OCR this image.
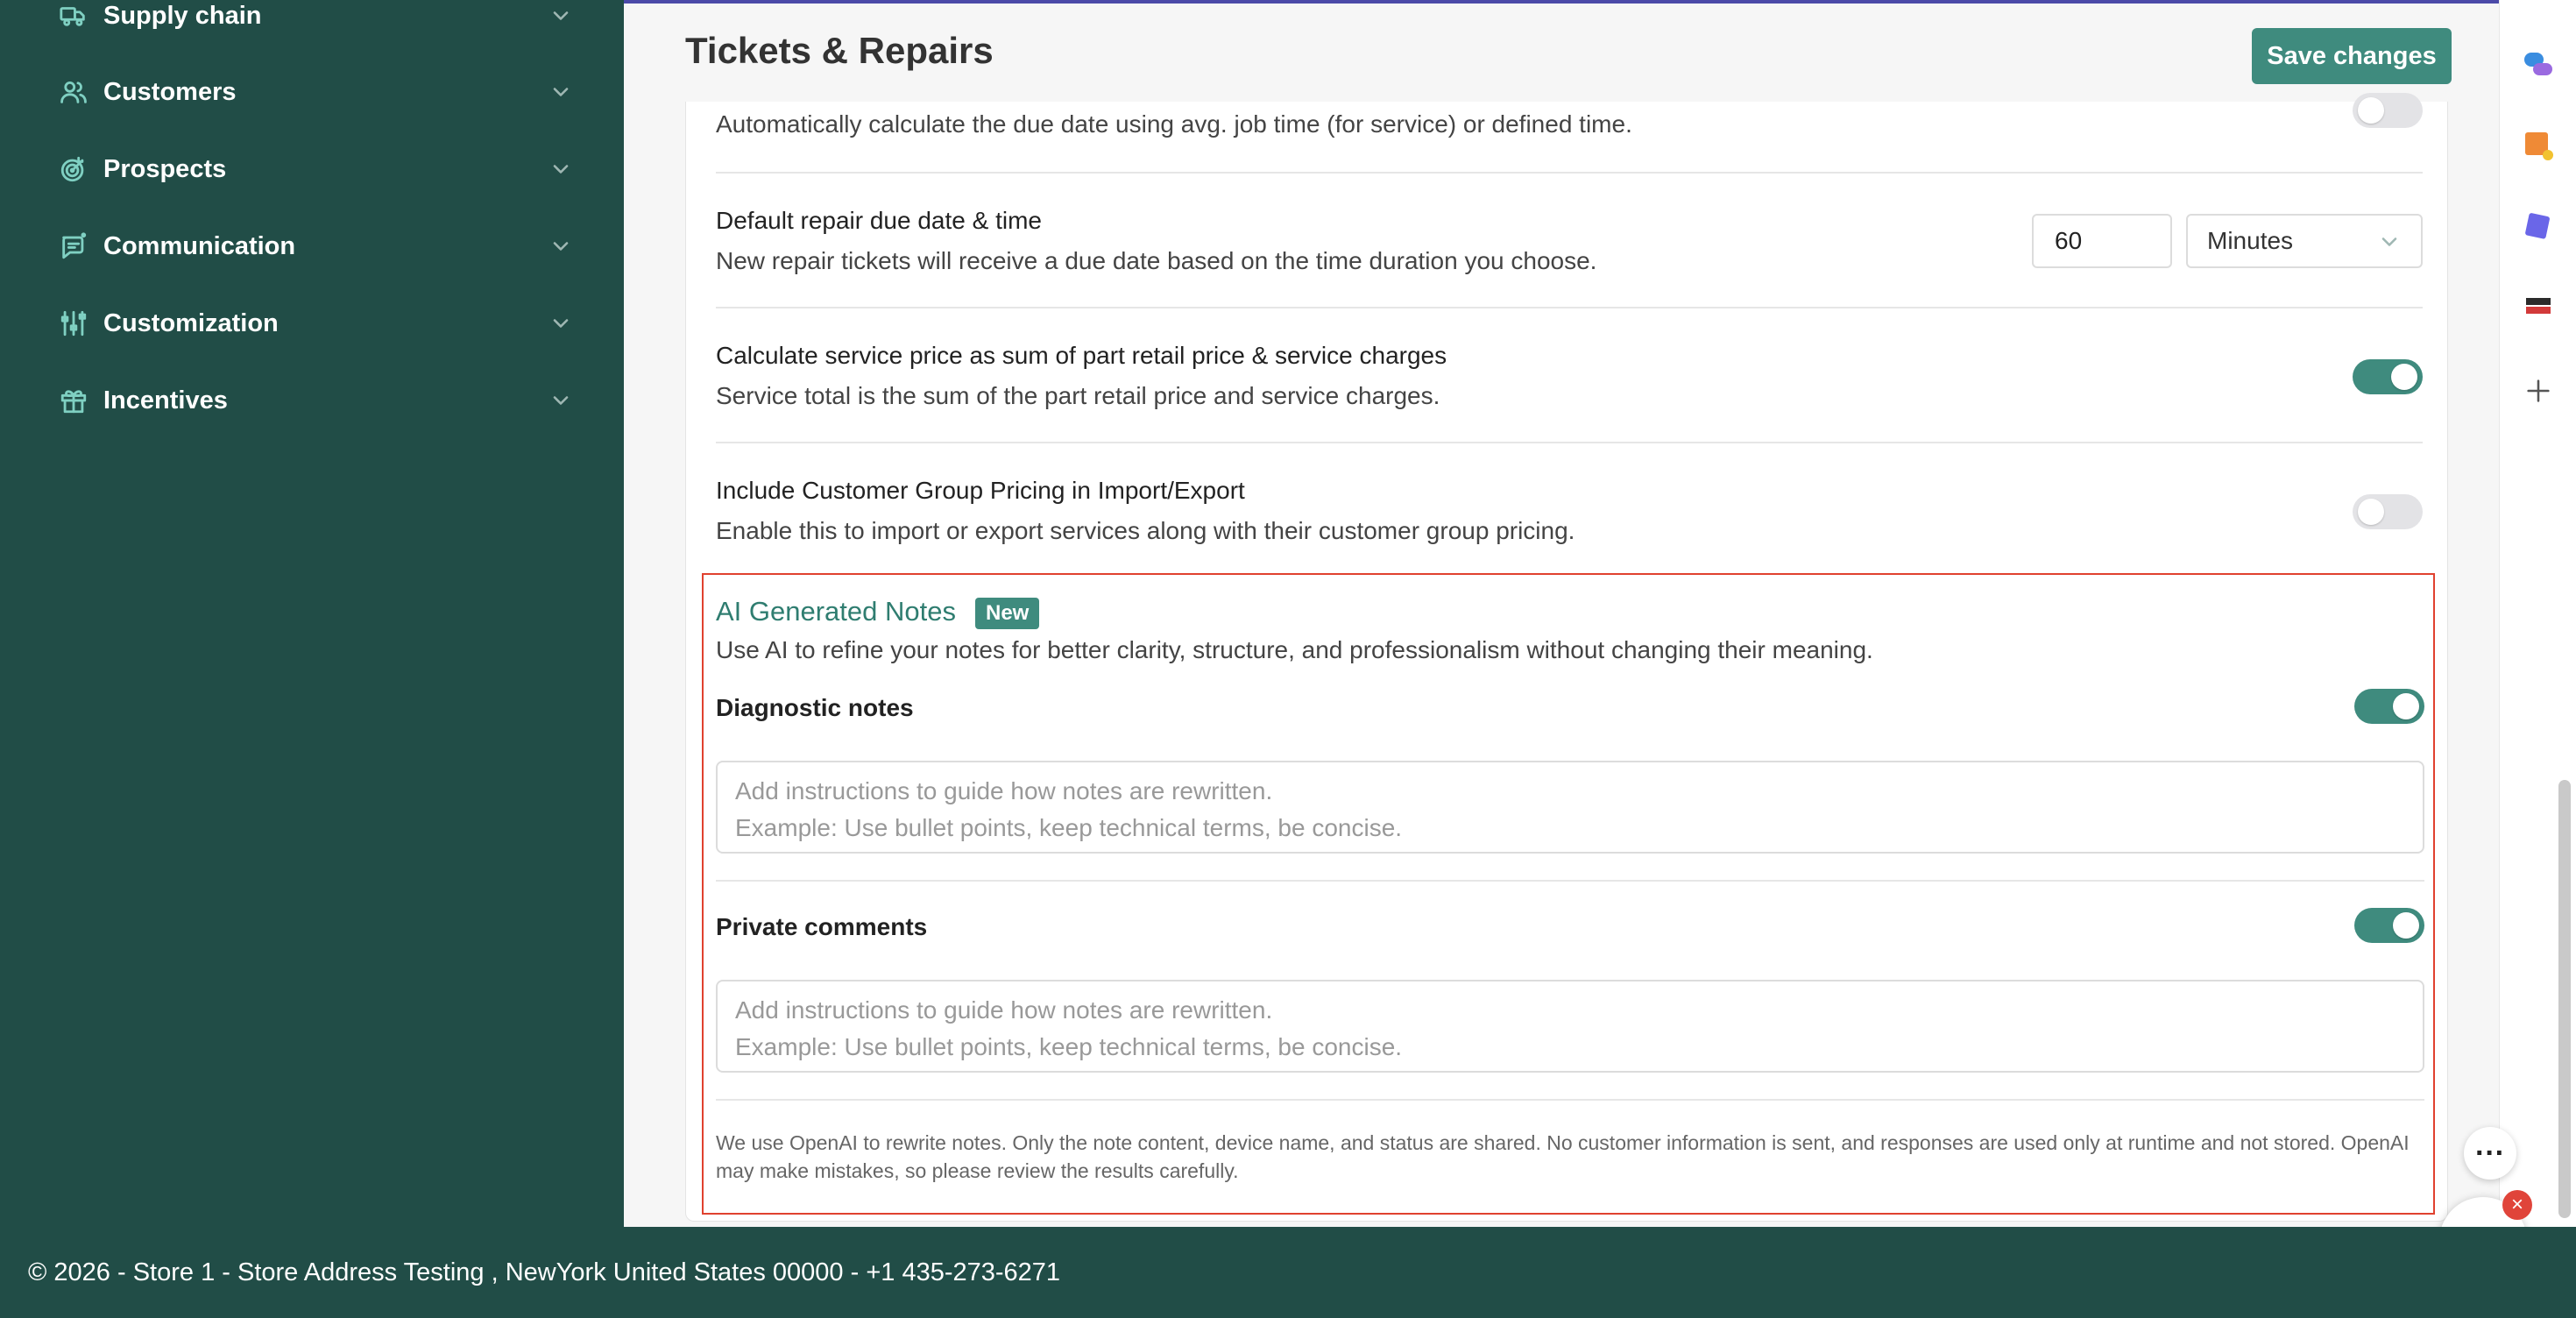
Supply chain
Customers
Prospects
Communication
Customization
Incentives
Tickets & Repairs	Save changes
Automatically calculate the due date using avg. job time (for service) or defined time.
Default repair due date & time
New repair tickets will receive a due date based on the time duration you choose.
60
Minutes
Calculate service price as sum of part retail price & service charges
Service total is the sum of the part retail price and service charges.
Include Customer Group Pricing in Import/Export
Enable this to import or export services along with their customer group pricing.
AI Generated Notes	New
Use AI to refine your notes for better clarity, structure, and professionalism without changing their meaning.
Diagnostic notes
Add instructions to guide how notes are rewritten.
Example: Use bullet points, keep technical terms, be concise.
Private comments
Add instructions to guide how notes are rewritten.
Example: Use bullet points, keep technical terms, be concise.
We use OpenAI to rewrite notes. Only the note content, device name, and status are shared. No customer information is sent, and responses are used only at runtime and not stored. OpenAI may make mistakes, so please review the results carefully.
···
×
© 2026 - Store 1 - Store Address Testing , NewYork United States 00000 - +1 435-273-6271
